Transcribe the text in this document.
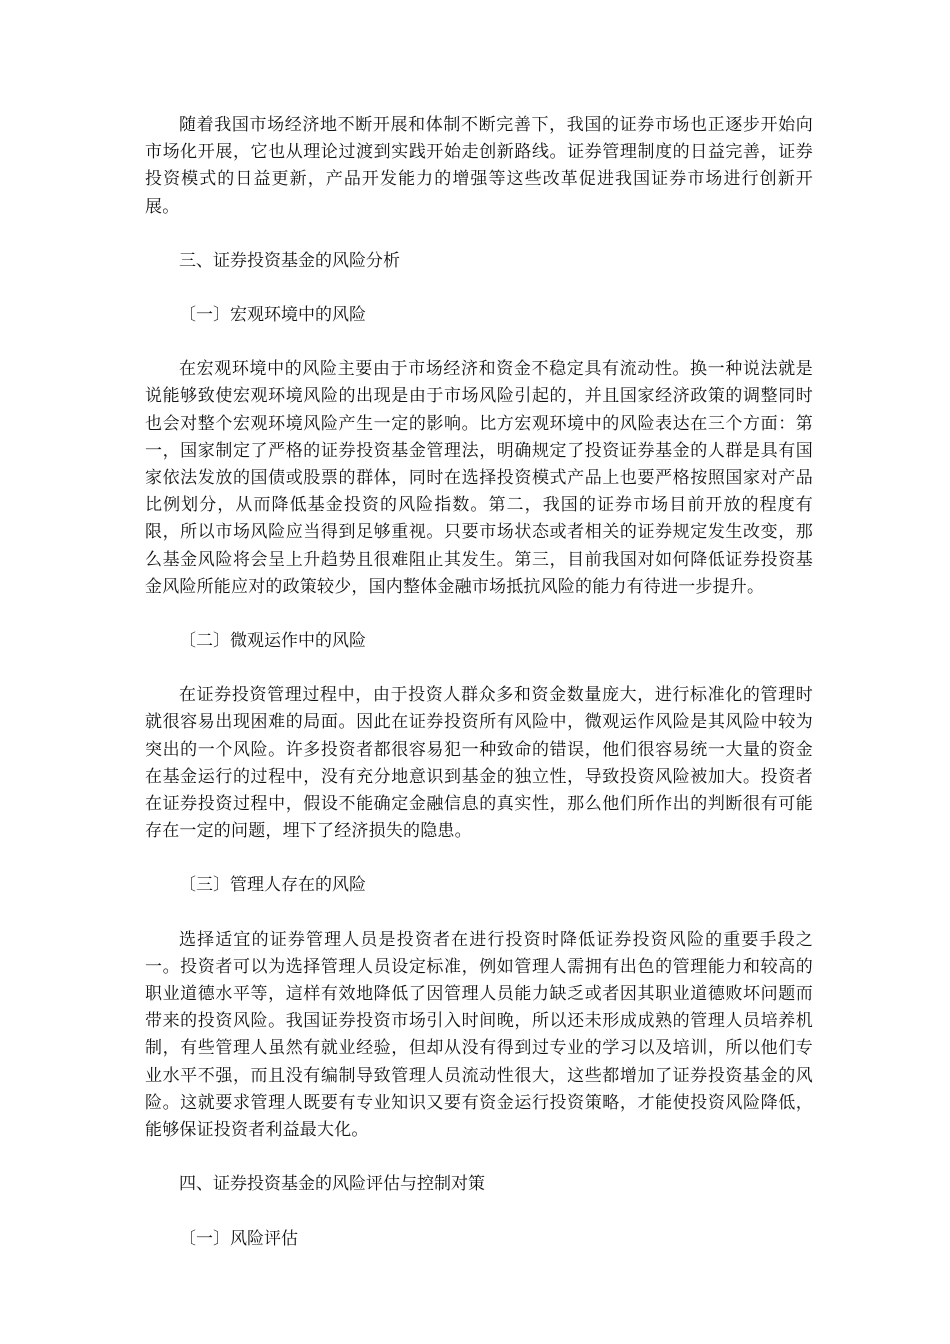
随着我国市场经济地不断开展和体制不断完善下，我国的证券市场也正逐步开始向市场化开展，它也从理论过渡到实践开始走创新路线。证券管理制度的日益完善，证券投资模式的日益更新，产品开发能力的增强等这些改革促进我国证券市场进行创新开展。

三、证券投资基金的风险分析

〔一〕宏观环境中的风险

在宏观环境中的风险主要由于市场经济和资金不稳定具有流动性。换一种说法就是说能够致使宏观环境风险的出现是由于市场风险引起的，并且国家经济政策的调整同时也会对整个宏观环境风险产生一定的影响。比方宏观环境中的风险表达在三个方面：第一，国家制定了严格的证券投资基金管理法，明确规定了投资证券基金的人群是具有国家依法发放的国债或股票的群体，同时在选择投资模式产品上也要严格按照国家对产品比例划分，从而降低基金投资的风险指数。第二，我国的证券市场目前开放的程度有限，所以市场风险应当得到足够重视。只要市场状态或者相关的证券规定发生改变，那么基金风险将会呈上升趋势且很难阻止其发生。第三，目前我国对如何降低证券投资基金风险所能应对的政策较少，国内整体金融市场抵抗风险的能力有待进一步提升。

〔二〕微观运作中的风险

在证券投资管理过程中，由于投资人群众多和资金数量庞大，进行标准化的管理时就很容易出现困难的局面。因此在证券投资所有风险中，微观运作风险是其风险中较为突出的一个风险。许多投资者都很容易犯一种致命的错误，他们很容易统一大量的资金在基金运行的过程中，没有充分地意识到基金的独立性，导致投资风险被加大。投资者在证券投资过程中，假设不能确定金融信息的真实性，那么他们所作出的判断很有可能存在一定的问题，埋下了经济损失的隐患。

〔三〕管理人存在的风险

选择适宜的证券管理人员是投资者在进行投资时降低证券投资风险的重要手段之一。投资者可以为选择管理人员设定标准，例如管理人需拥有出色的管理能力和较高的职业道德水平等，這样有效地降低了因管理人员能力缺乏或者因其职业道德败坏问题而带来的投资风险。我国证券投资市场引入时间晚，所以还未形成成熟的管理人员培养机制，有些管理人虽然有就业经验，但却从没有得到过专业的学习以及培训，所以他们专业水平不强，而且没有编制导致管理人员流动性很大，这些都增加了证券投资基金的风险。这就要求管理人既要有专业知识又要有资金运行投资策略，才能使投资风险降低，能够保证投资者利益最大化。

四、证券投资基金的风险评估与控制对策

〔一〕风险评估
